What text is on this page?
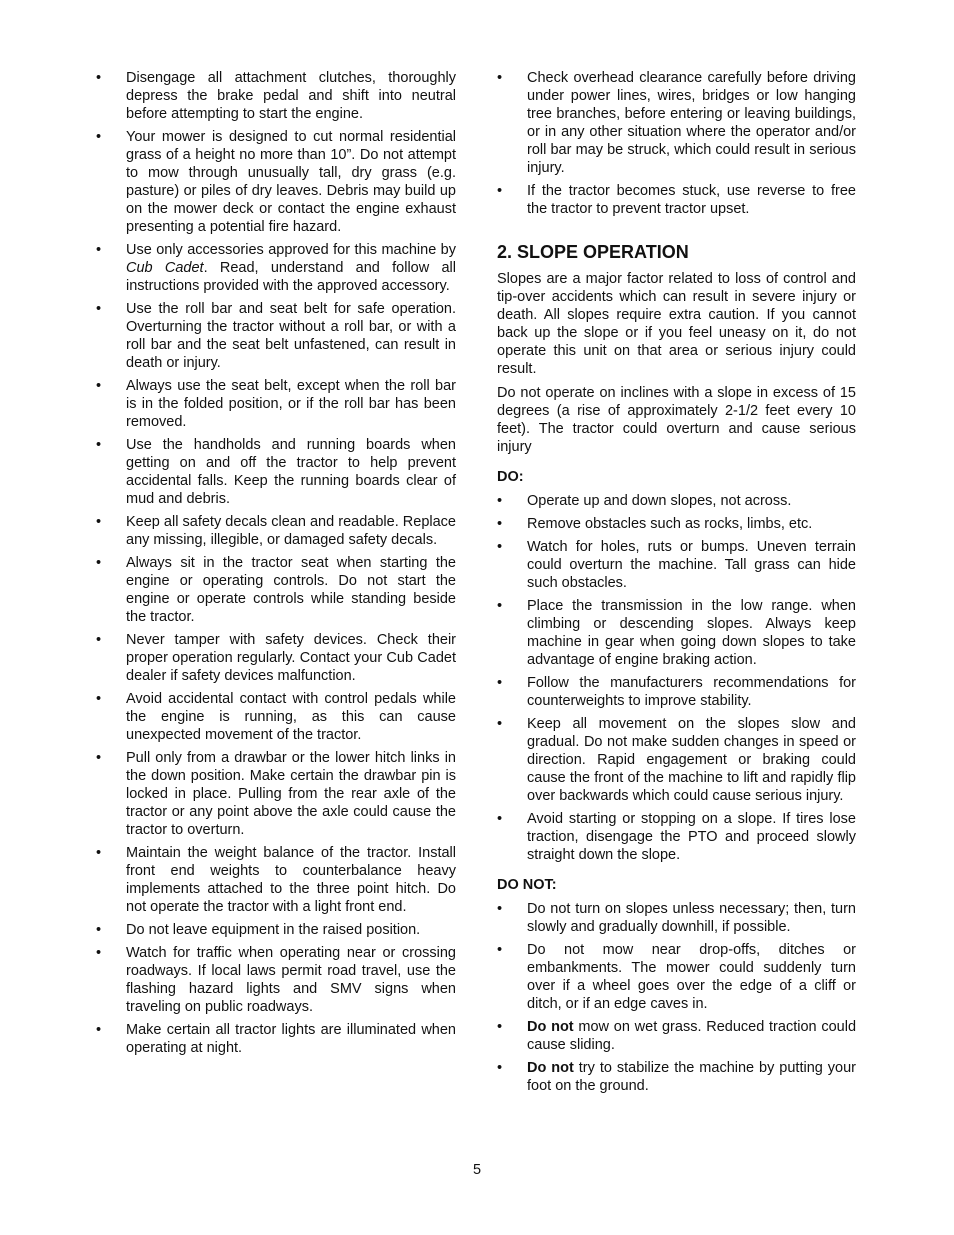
• Disengage all attachment clutches, thoroughly depress the brake pedal and shift into neutral before attempting to start the engine.
• Your mower is designed to cut normal residential grass of a height no more than 10”. Do not attempt to mow through unusually tall, dry grass (e.g. pasture) or piles of dry leaves. Debris may build up on the mower deck or contact the engine exhaust presenting a potential fire hazard.
• Use only accessories approved for this machine by Cub Cadet. Read, understand and follow all instructions provided with the approved accessory.
• Use the roll bar and seat belt for safe operation. Overturning the tractor without a roll bar, or with a roll bar and the seat belt unfastened, can result in death or injury.
• Always use the seat belt, except when the roll bar is in the folded position, or if the roll bar has been removed.
• Use the handholds and running boards when getting on and off the tractor to help prevent accidental falls. Keep the running boards clear of mud and debris.
• Keep all safety decals clean and readable. Replace any missing, illegible, or damaged safety decals.
• Always sit in the tractor seat when starting the engine or operating controls. Do not start the engine or operate controls while standing beside the tractor.
• Never tamper with safety devices. Check their proper operation regularly. Contact your Cub Cadet dealer if safety devices malfunction.
• Avoid accidental contact with control pedals while the engine is running, as this can cause unexpected movement of the tractor.
• Pull only from a drawbar or the lower hitch links in the down position. Make certain the drawbar pin is locked in place. Pulling from the rear axle of the tractor or any point above the axle could cause the tractor to overturn.
• Maintain the weight balance of the tractor. Install front end weights to counterbalance heavy implements attached to the three point hitch. Do not operate the tractor with a light front end.
• Do not leave equipment in the raised position.
• Watch for traffic when operating near or crossing roadways. If local laws permit road travel, use the flashing hazard lights and SMV signs when traveling on public roadways.
• Make certain all tractor lights are illuminated when operating at night.
• Check overhead clearance carefully before driving under power lines, wires, bridges or low hanging tree branches, before entering or leaving buildings, or in any other situation where the operator and/or roll bar may be struck, which could result in serious injury.
• If the tractor becomes stuck, use reverse to free the tractor to prevent tractor upset.
2. SLOPE OPERATION

Slopes are a major factor related to loss of control and tip-over accidents which can result in severe injury or death. All slopes require extra caution. If you cannot back up the slope or if you feel uneasy on it, do not operate this unit on that area or serious injury could result.

Do not operate on inclines with a slope in excess of 15 degrees (a rise of approximately 2-1/2 feet every 10 feet). The tractor could overturn and cause serious injury

DO:
• Operate up and down slopes, not across.
• Remove obstacles such as rocks, limbs, etc.
• Watch for holes, ruts or bumps. Uneven terrain could overturn the machine. Tall grass can hide such obstacles.
• Place the transmission in the low range. when climbing or descending slopes. Always keep machine in gear when going down slopes to take advantage of engine braking action.
• Follow the manufacturers recommendations for counterweights to improve stability.
• Keep all movement on the slopes slow and gradual. Do not make sudden changes in speed or direction. Rapid engagement or braking could cause the front of the machine to lift and rapidly flip over backwards which could cause serious injury.
• Avoid starting or stopping on a slope. If tires lose traction, disengage the PTO and proceed slowly straight down the slope.
DO NOT:
• Do not turn on slopes unless necessary; then, turn slowly and gradually downhill, if possible.
• Do not mow near drop-offs, ditches or embankments. The mower could suddenly turn over if a wheel goes over the edge of a cliff or ditch, or if an edge caves in.
• Do not mow on wet grass. Reduced traction could cause sliding.
• Do not try to stabilize the machine by putting your foot on the ground.
5
